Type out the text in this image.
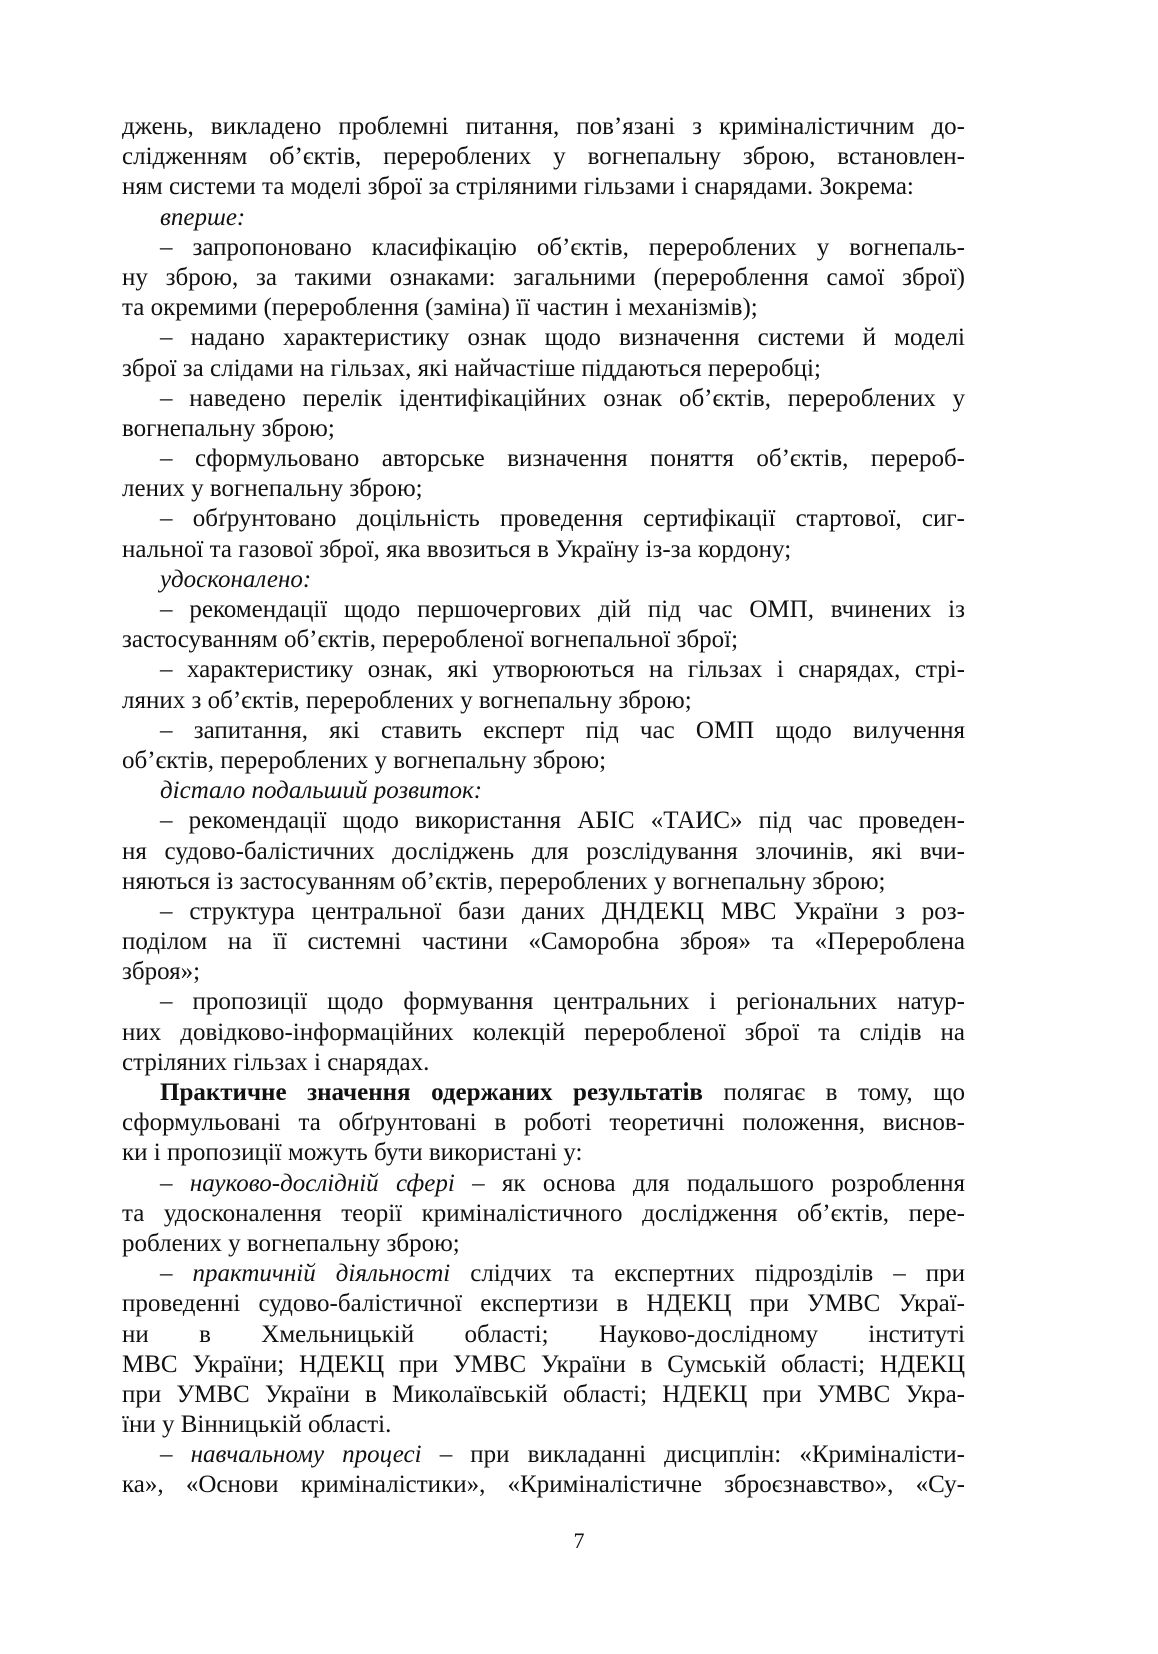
джень, викладено проблемні питання, пов’язані з криміналістичним до-
слідженням об’єктів, перероблених у вогнепальну зброю, встановлен-
ням системи та моделі зброї за стріляними гільзами і снарядами. Зокрема:
вперше:
– запропоновано класифікацію об’єктів, перероблених у вогнепаль-
ну зброю, за такими ознаками: загальними (перероблення самої зброї)
та окремими (перероблення (заміна) її частин і механізмів);
– надано характеристику ознак щодо визначення системи й моделі
зброї за слідами на гільзах, які найчастіше піддаються переробці;
– наведено перелік ідентифікаційних ознак об’єктів, перероблених у
вогнепальну зброю;
– сформульовано авторське визначення поняття об’єктів, перероб-
лених у вогнепальну зброю;
– обґрунтовано доцільність проведення сертифікації стартової, сиг-
нальної та газової зброї, яка ввозиться в Україну із-за кордону;
удосконалено:
– рекомендації щодо першочергових дій під час ОМП, вчинених із
застосуванням об’єктів, переробленої вогнепальної зброї;
– характеристику ознак, які утворюються на гільзах і снарядах, стрі-
ляних з об’єктів, перероблених у вогнепальну зброю;
– запитання, які ставить експерт під час ОМП щодо вилучення
об’єктів, перероблених у вогнепальну зброю;
дістало подальший розвиток:
– рекомендації щодо використання АБІС «ТАИС» під час проведен-
ня судово-балістичних досліджень для розслідування злочинів, які вчи-
няються із застосуванням об’єктів, перероблених у вогнепальну зброю;
– структура центральної бази даних ДНДЕКЦ МВС України з роз-
поділом на її системні частини «Саморобна зброя» та «Перероблена
зброя»;
– пропозиції щодо формування центральних і регіональних натур-
них довідково-інформаційних колекцій переробленої зброї та слідів на
стріляних гільзах і снарядах.
Практичне значення одержаних результатів полягає в тому, що
сформульовані та обґрунтовані в роботі теоретичні положення, виснов-
ки і пропозиції можуть бути використані у:
– науково-дослідній сфері – як основа для подальшого розроблення
та удосконалення теорії криміналістичного дослідження об’єктів, пере-
роблених у вогнепальну зброю;
– практичній діяльності слідчих та експертних підрозділів – при
проведенні судово-балістичної експертизи в НДЕКЦ при УМВС Украї-
ни в Хмельницькій області; Науково-дослідному інституті
МВС України; НДЕКЦ при УМВС України в Сумській області; НДЕКЦ
при УМВС України в Миколаївській області; НДЕКЦ при УМВС Укра-
їни у Вінницькій області.
– навчальному процесі – при викладанні дисциплін: «Криміналісти-
ка», «Основи криміналістики», «Криміналістичне зброєзнавство», «Су-
7
